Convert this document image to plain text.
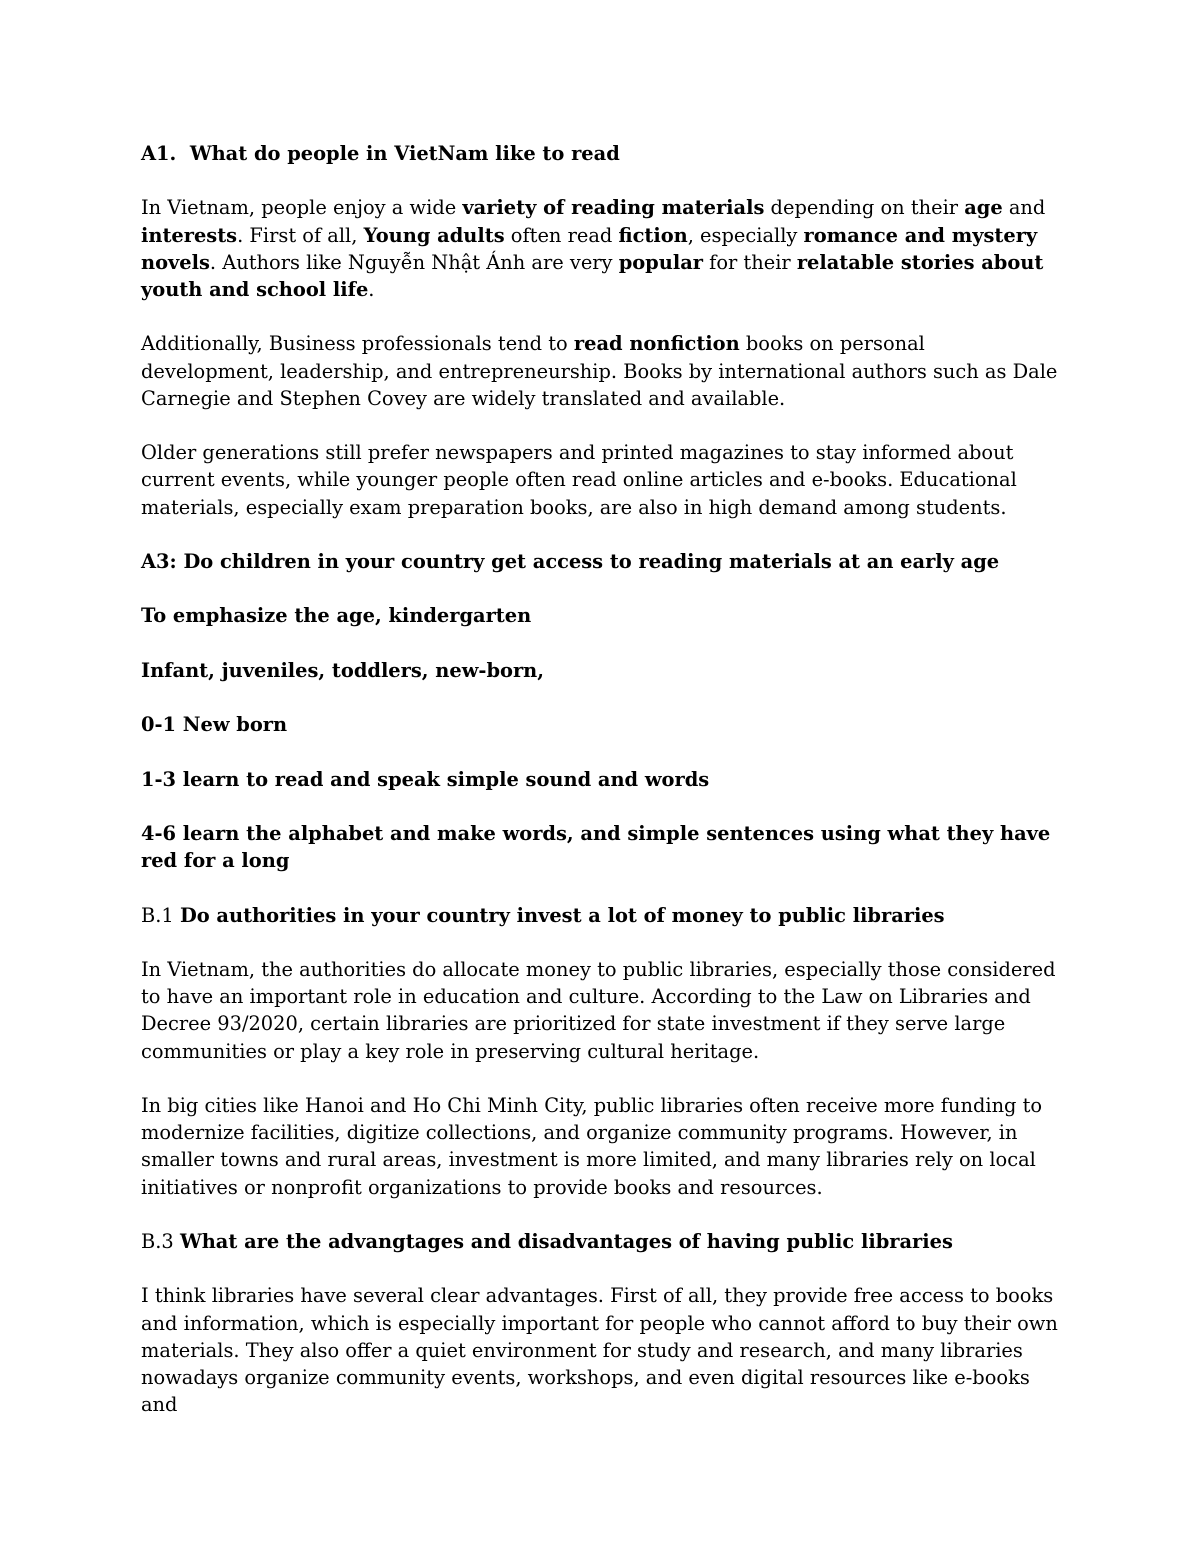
A1. What do people in VietNam like to read

In Vietnam, people enjoy a wide variety of reading materials depending on their age and interests. First of all, Young adults often read fiction, especially romance and mystery novels. Authors like Nguyễn Nhật Ánh are very popular for their relatable stories about youth and school life.

Additionally, Business professionals tend to read nonfiction books on personal development, leadership, and entrepreneurship. Books by international authors such as Dale Carnegie and Stephen Covey are widely translated and available.

Older generations still prefer newspapers and printed magazines to stay informed about current events, while younger people often read online articles and e-books. Educational materials, especially exam preparation books, are also in high demand among students.

A3: Do children in your country get access to reading materials at an early age

To emphasize the age, kindergarten

Infant, juveniles, toddlers, new-born,

0-1 New born

1-3 learn to read and speak simple sound and words

4-6 learn the alphabet and make words, and simple sentences using what they have red for a long

B.1 Do authorities in your country invest a lot of money to public libraries

In Vietnam, the authorities do allocate money to public libraries, especially those considered to have an important role in education and culture. According to the Law on Libraries and Decree 93/2020, certain libraries are prioritized for state investment if they serve large communities or play a key role in preserving cultural heritage.

In big cities like Hanoi and Ho Chi Minh City, public libraries often receive more funding to modernize facilities, digitize collections, and organize community programs. However, in smaller towns and rural areas, investment is more limited, and many libraries rely on local initiatives or nonprofit organizations to provide books and resources.

B.3 What are the advangtages and disadvantages of having public libraries

I think libraries have several clear advantages. First of all, they provide free access to books and information, which is especially important for people who cannot afford to buy their own materials. They also offer a quiet environment for study and research, and many libraries nowadays organize community events, workshops, and even digital resources like e-books and
